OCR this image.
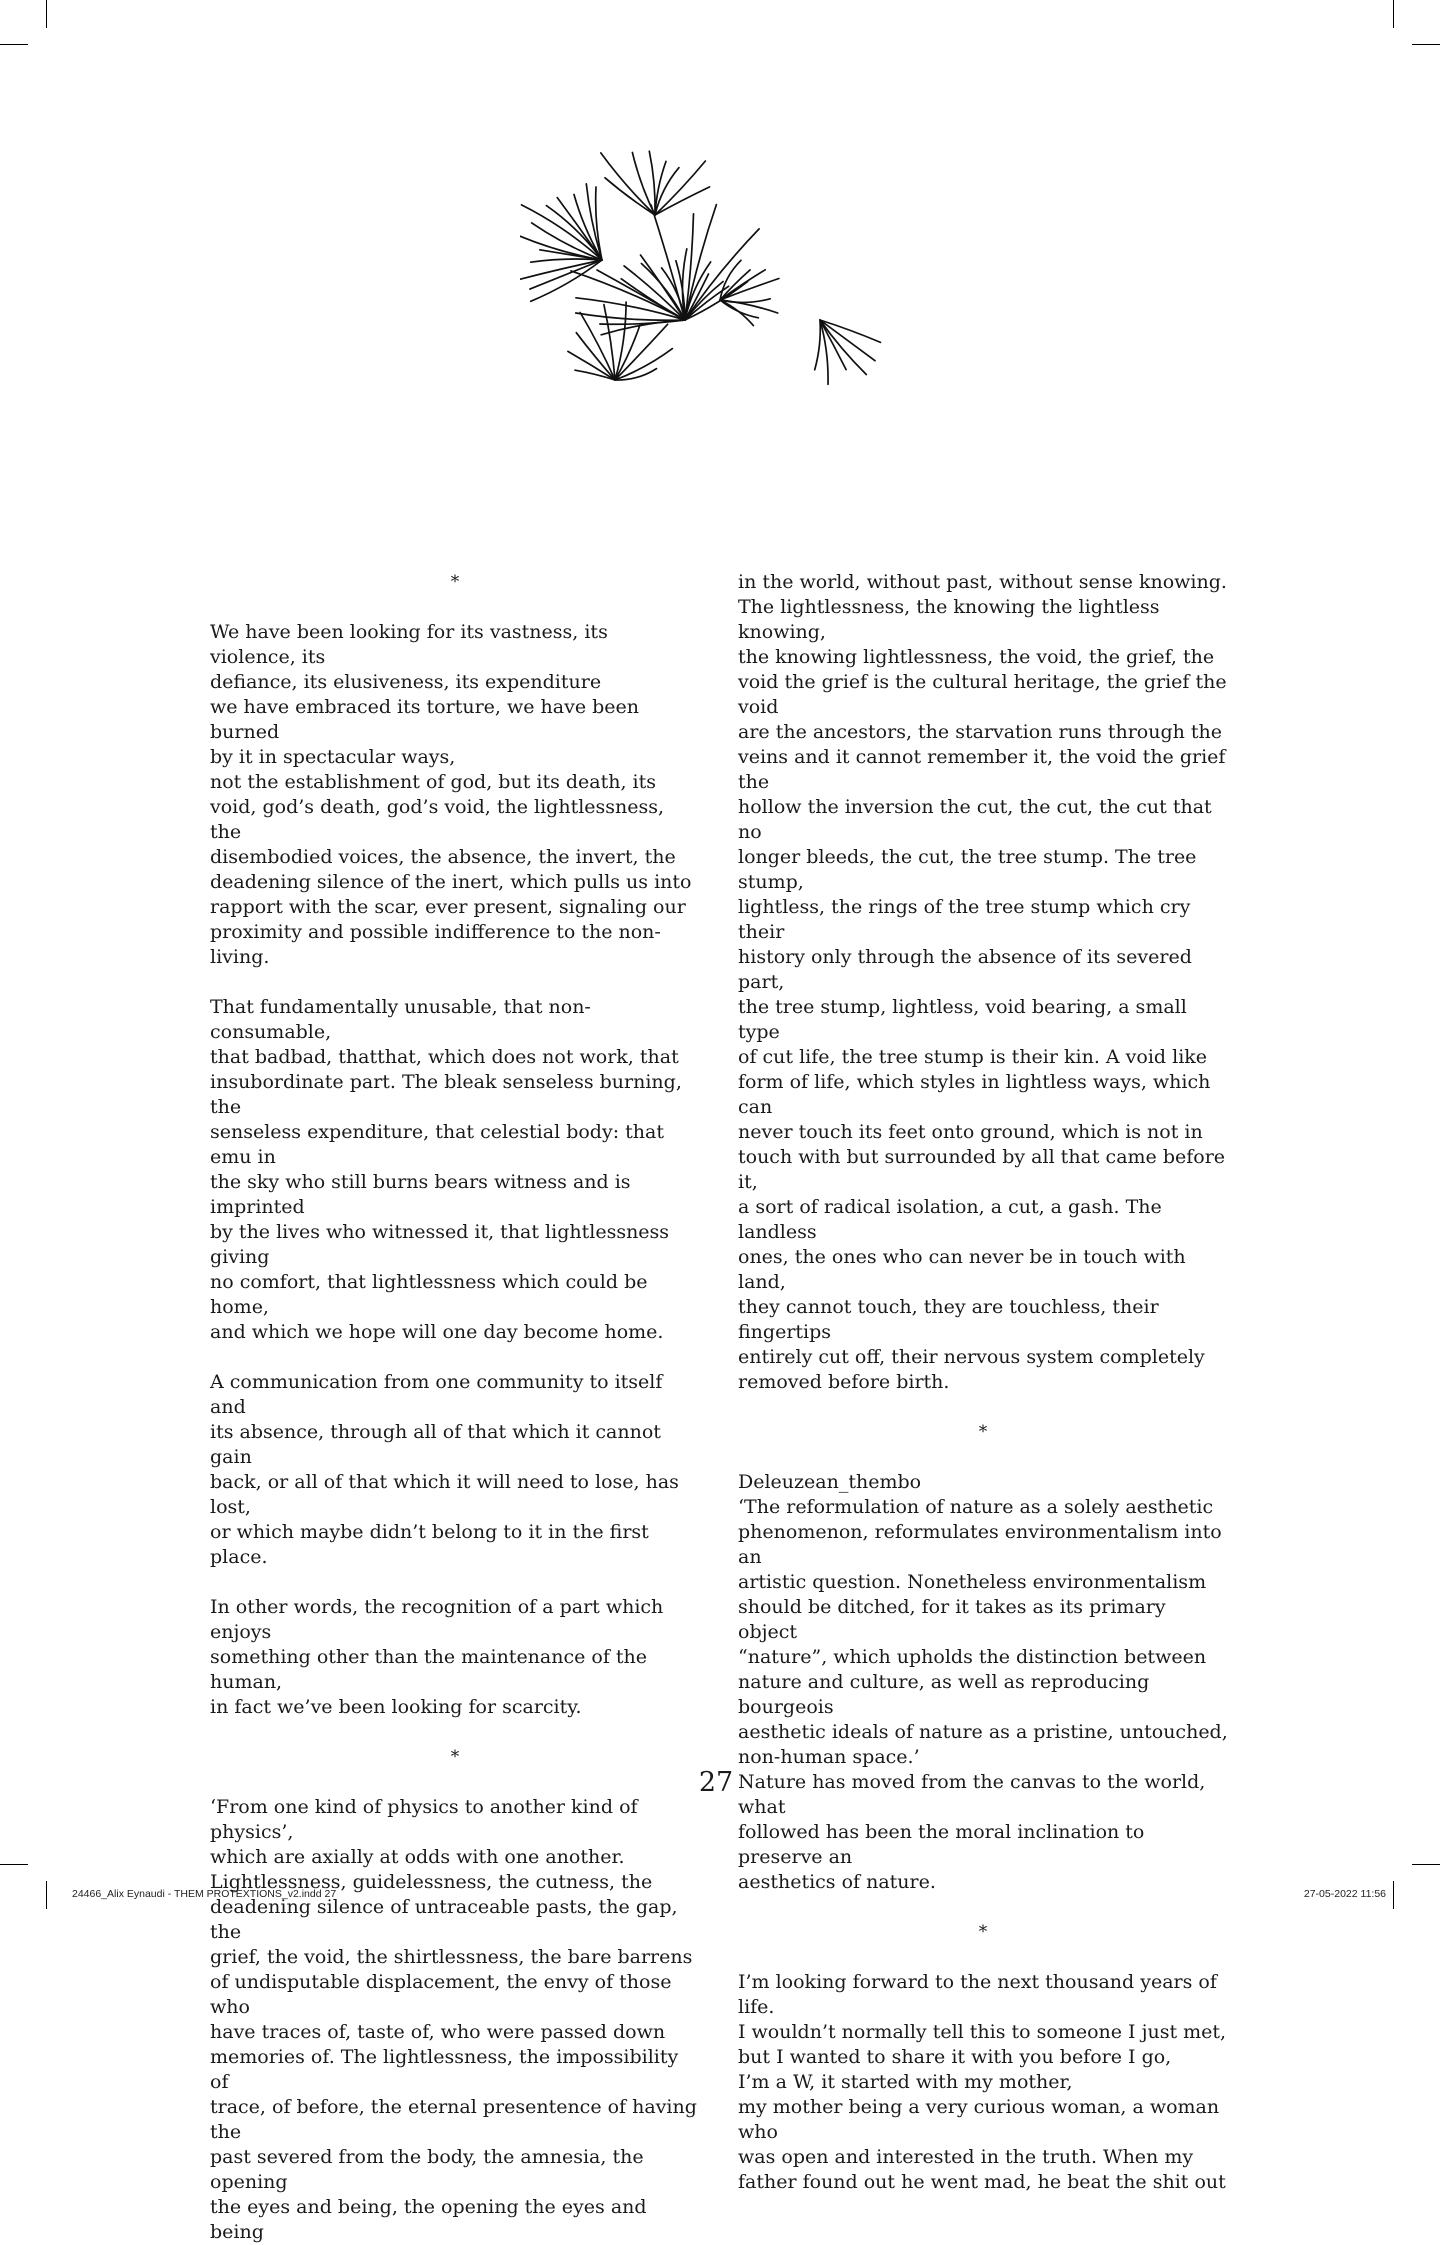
*

We have been looking for its vastness, its
violence, its
defiance, its elusiveness, its expenditure
we have embraced its torture, we have been burned
by it in spectacular ways,
not the establishment of god, but its death, its
void, god’s death, god’s void, the lightlessness, the
disembodied voices, the absence, the invert, the
deadening silence of the inert, which pulls us into
rapport with the scar, ever present, signaling our
proximity and possible indifference to the non-living.

That fundamentally unusable, that non-consumable,
that badbad, thatthat, which does not work, that
insubordinate part. The bleak senseless burning, the
senseless expenditure, that celestial body: that emu in
the sky who still burns bears witness and is imprinted
by the lives who witnessed it, that lightlessness giving
no comfort, that lightlessness which could be home,
and which we hope will one day become home.

A communication from one community to itself and
its absence, through all of that which it cannot gain
back, or all of that which it will need to lose, has lost,
or which maybe didn’t belong to it in the first place.

In other words, the recognition of a part which enjoys
something other than the maintenance of the human,
in fact we’ve been looking for scarcity.

*

‘From one kind of physics to another kind of physics’,
which are axially at odds with one another.
Lightlessness, guidelessness, the cutness, the
deadening silence of untraceable pasts, the gap, the
grief, the void, the shirtlessness, the bare barrens
of undisputable displacement, the envy of those who
have traces of, taste of, who were passed down
memories of. The lightlessness, the impossibility of
trace, of before, the eternal presentence of having the
past severed from the body, the amnesia, the opening
the eyes and being, the opening the eyes and being

in the world, without past, without sense knowing.
The lightlessness, the knowing the lightless knowing,
the knowing lightlessness, the void, the grief, the
void the grief is the cultural heritage, the grief the void
are the ancestors, the starvation runs through the
veins and it cannot remember it, the void the grief the
hollow the inversion the cut, the cut, the cut that no
longer bleeds, the cut, the tree stump. The tree stump,
lightless, the rings of the tree stump which cry their
history only through the absence of its severed part,
the tree stump, lightless, void bearing, a small type
of cut life, the tree stump is their kin. A void like
form of life, which styles in lightless ways, which can
never touch its feet onto ground, which is not in
touch with but surrounded by all that came before it,
a sort of radical isolation, a cut, a gash. The landless
ones, the ones who can never be in touch with land,
they cannot touch, they are touchless, their fingertips
entirely cut off, their nervous system completely
removed before birth.

*

Deleuzean_thembo
‘The reformulation of nature as a solely aesthetic
phenomenon, reformulates environmentalism into an
artistic question. Nonetheless environmentalism
should be ditched, for it takes as its primary object
“nature”, which upholds the distinction between
nature and culture, as well as reproducing bourgeois
aesthetic ideals of nature as a pristine, untouched,
non-human space.’
Nature has moved from the canvas to the world, what
followed has been the moral inclination to preserve an
aesthetics of nature.

*

I’m looking forward to the next thousand years of life.
I wouldn’t normally tell this to someone I just met,
but I wanted to share it with you before I go,
I’m a W, it started with my mother,
my mother being a very curious woman, a woman who
was open and interested in the truth. When my
father found out he went mad, he beat the shit out

27
24466_Alix Eynaudi - THEM PROTEXTIONS_v2.indd 27	27-05-2022 11:56
